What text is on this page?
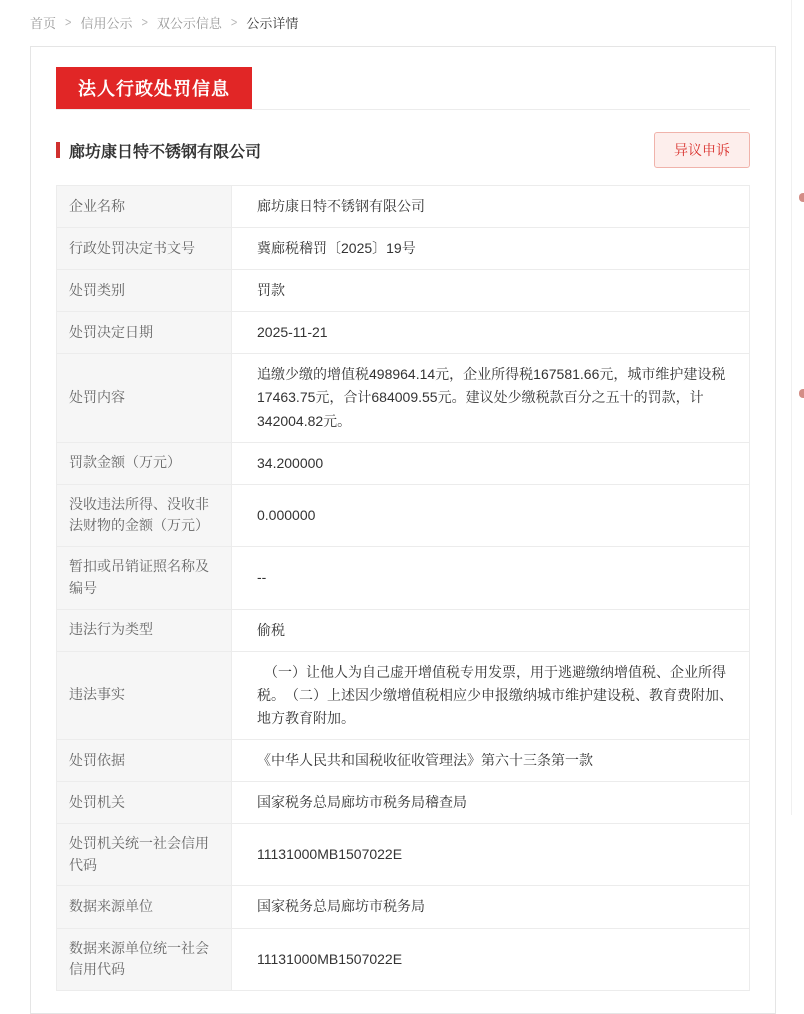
首页 > 信用公示 > 双公示信息 > 公示详情
法人行政处罚信息
廊坊康日特不锈钢有限公司	异议申诉
企业名称	廊坊康日特不锈钢有限公司
行政处罚决定书文号	冀廊税稽罚〔2025〕19号
处罚类别	罚款
处罚决定日期	2025-11-21
处罚内容	追缴少缴的增值税498964.14元，企业所得税167581.66元，城市维护建设税17463.75元，合计684009.55元。建议处少缴税款百分之五十的罚款，计342004.82元。
罚款金额（万元）	34.200000
没收违法所得、没收非法财物的金额（万元）	0.000000
暂扣或吊销证照名称及编号	--
违法行为类型	偷税
违法事实	　（一）让他人为自己虚开增值税专用发票，用于逃避缴纳增值税、企业所得税。　（二）上述因少缴增值税相应少申报缴纳城市维护建设税、教育费附加、地方教育附加。
处罚依据	《中华人民共和国税收征收管理法》第六十三条第一款
处罚机关	国家税务总局廊坊市税务局稽查局
处罚机关统一社会信用代码	11131000MB1507022E
数据来源单位	国家税务总局廊坊市税务局
数据来源单位统一社会信用代码	11131000MB1507022E
